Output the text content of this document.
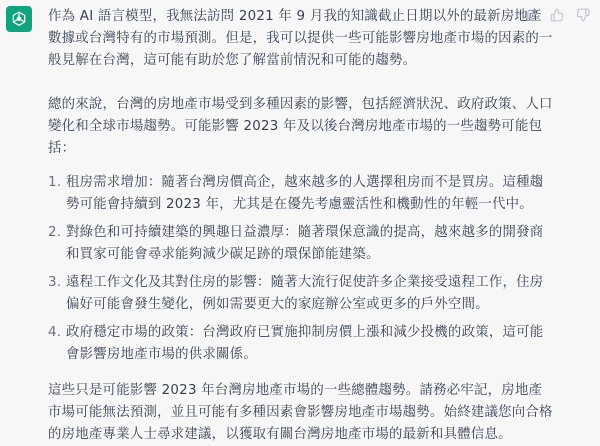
作為 AI 語言模型，我無法訪問 2021 年 9 月我的知識截止日期以外的最新房地產數據或台灣特有的市場預測。但是，我可以提供一些可能影響房地產市場的因素的一般見解在台灣，這可能有助於您了解當前情況和可能的趨勢。

總的來說，台灣的房地產市場受到多種因素的影響，包括經濟狀況、政府政策、人口變化和全球市場趨勢。可能影響 2023 年及以後台灣房地產市場的一些趨勢可能包括：

1. 租房需求增加：隨著台灣房價高企，越來越多的人選擇租房而不是買房。這種趨勢可能會持續到 2023 年，尤其是在優先考慮靈活性和機動性的年輕一代中。
2. 對綠色和可持續建築的興趣日益濃厚：隨著環保意識的提高，越來越多的開發商和買家可能會尋求能夠減少碳足跡的環保節能建築。
3. 遠程工作文化及其對住房的影響：隨著大流行促使許多企業接受遠程工作，住房偏好可能會發生變化，例如需要更大的家庭辦公室或更多的戶外空間。
4. 政府穩定市場的政策：台灣政府已實施抑制房價上漲和減少投機的政策，這可能會影響房地產市場的供求關係。

這些只是可能影響 2023 年台灣房地產市場的一些總體趨勢。請務必牢記，房地產市場可能無法預測，並且可能有多種因素會影響房地產市場趨勢。始終建議您向合格的房地產專業人士尋求建議，以獲取有關台灣房地產市場的最新和具體信息。
